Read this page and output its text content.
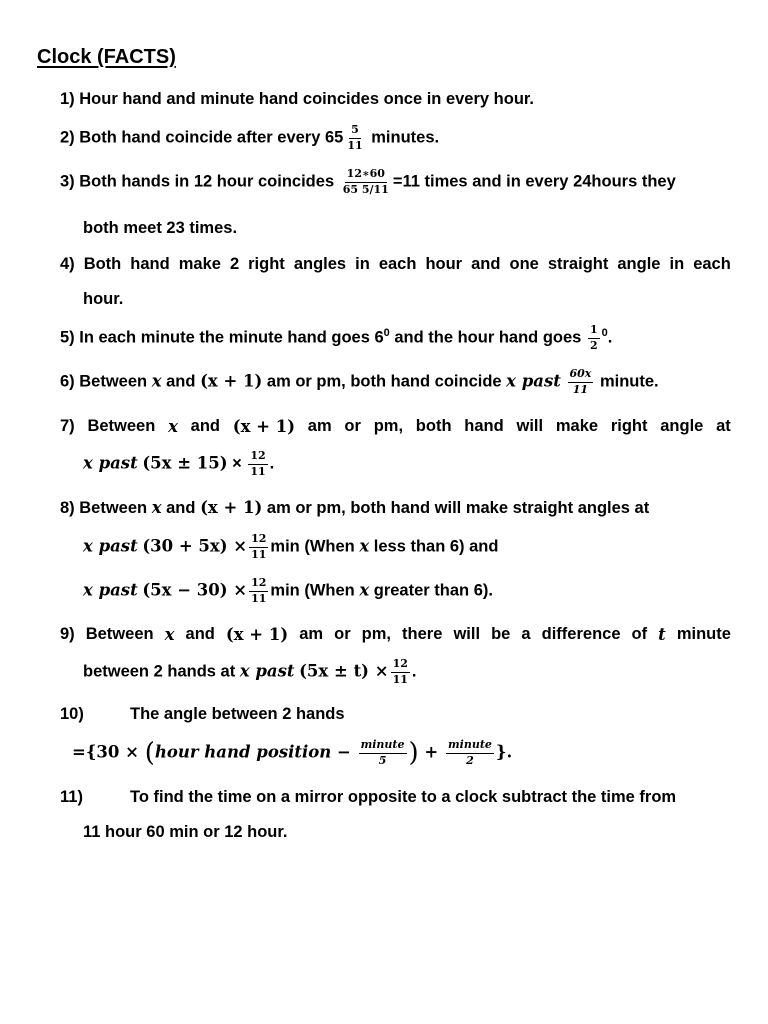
Clock (FACTS)
1) Hour hand and minute hand coincides once in every hour.
2) Both hand coincide after every $65 \frac{5}{11}$ minutes.
3) Both hands in 12 hour coincides $\frac{12∗60}{65 5/11} =11$ times and in every 24hours they
both meet 23 times.
4) Both hand make 2 right angles in each hour and one straight angle in each
hour.
5) In each minute the minute hand goes $6^0$ and the hour hand goes $\frac{1}{2} ^0$.
6) Between x and (x + 1) am or pm, both hand coincide x past $\frac{60x}{11}$ minute.
7) Between x and (x + 1) am or pm, both hand will make right angle at
x past $(5x \pm 15) \times \frac{12}{11}$ .
8) Between x and (x + 1) am or pm, both hand will make straight angles at
x past $(30 + 5x) \times \frac{12}{11}$ min (When x less than 6) and
x past $(5x - 30) \times \frac{12}{11}$ min (When x greater than 6).
9) Between x and (x + 1) am or pm, there will be a difference of t minute
between 2 hands at x past $(5x \pm t) \times \frac{12}{11}$ .
10)	The angle between 2 hands
={30 × (hour hand position − $\frac{\text{minute}}{5}$ ) + $\frac{\text{minute}}{2}$ }.
11)	To find the time on a mirror opposite to a clock subtract the time from
11 hour 60 min or 12 hour.
